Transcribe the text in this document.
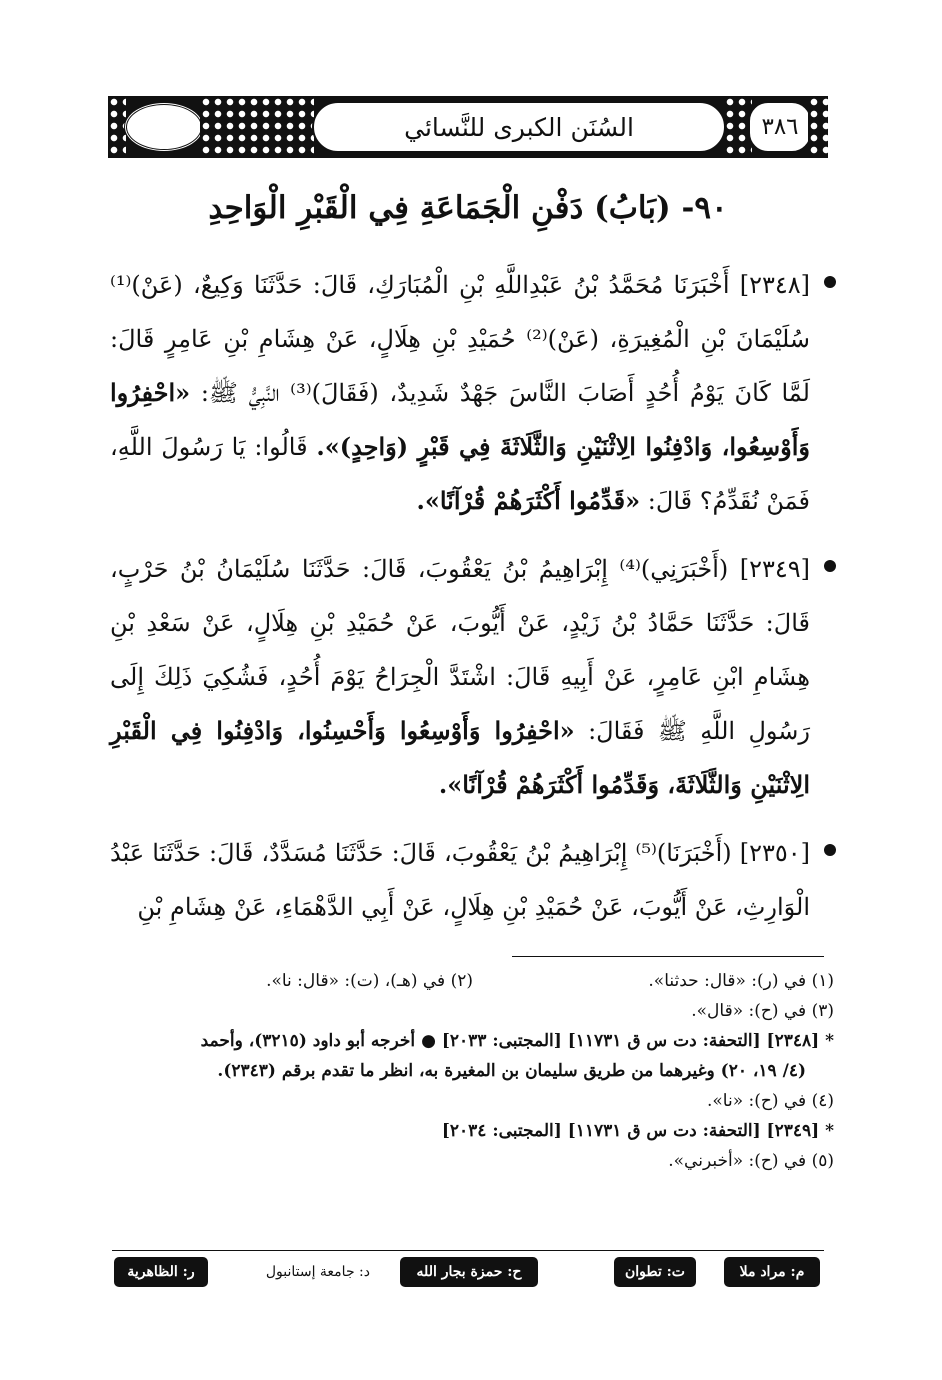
السُنَن الكبرى للنَّسائي	٣٨٦
٩٠- (بَابُ) دَفْنِ الْجَمَاعَةِ فِي الْقَبْرِ الْوَاحِدِ

[٢٣٤٨] أَخْبَرَنَا مُحَمَّدُ بْنُ عَبْدِاللَّهِ بْنِ الْمُبَارَكِ، قَالَ: حَدَّثَنَا وَكِيعٌ، (عَنْ)⁽¹⁾ سُلَيْمَانَ بْنِ الْمُغِيرَةِ، (عَنْ)⁽²⁾ حُمَيْدِ بْنِ هِلَالٍ، عَنْ هِشَامِ بْنِ عَامِرٍ قَالَ: لَمَّا كَانَ يَوْمُ أُحُدٍ أَصَابَ النَّاسَ جَهْدٌ شَدِيدٌ، (فَقَالَ)⁽³⁾ النَّبِيُّ ﷺ: «احْفِرُوا وَأَوْسِعُوا، وَادْفِنُوا الِاثْنَيْنِ وَالثَّلَاثَةَ فِي قَبْرٍ (وَاحِدٍ)». قَالُوا: يَا رَسُولَ اللَّهِ، فَمَنْ نُقَدِّمُ؟ قَالَ: «قَدِّمُوا أَكْثَرَهُمْ قُرْآنًا».

[٢٣٤٩] (أَخْبَرَنِي)⁽⁴⁾ إِبْرَاهِيمُ بْنُ يَعْقُوبَ، قَالَ: حَدَّثَنَا سُلَيْمَانُ بْنُ حَرْبٍ، قَالَ: حَدَّثَنَا حَمَّادُ بْنُ زَيْدٍ، عَنْ أَيُّوبَ، عَنْ حُمَيْدِ بْنِ هِلَالٍ، عَنْ سَعْدِ بْنِ هِشَامِ ابْنِ عَامِرٍ، عَنْ أَبِيهِ قَالَ: اشْتَدَّ الْجِرَاحُ يَوْمَ أُحُدٍ، فَشُكِيَ ذَلِكَ إِلَى رَسُولِ اللَّهِ ﷺ فَقَالَ: «احْفِرُوا وَأَوْسِعُوا وَأَحْسِنُوا، وَادْفِنُوا فِي الْقَبْرِ الِاثْنَيْنِ وَالثَّلَاثَةَ، وَقَدِّمُوا أَكْثَرَهُمْ قُرْآنًا».

[٢٣٥٠] (أَخْبَرَنَا)⁽⁵⁾ إِبْرَاهِيمُ بْنُ يَعْقُوبَ، قَالَ: حَدَّثَنَا مُسَدَّدٌ، قَالَ: حَدَّثَنَا عَبْدُ الْوَارِثِ، عَنْ أَيُّوبَ، عَنْ حُمَيْدِ بْنِ هِلَالٍ، عَنْ أَبِي الدَّهْمَاءِ، عَنْ هِشَامِ بْنِ

(١) في (ر): «قال: حدثنا».
(٢) في (هـ)، (ت): «قال: نا».
(٣) في (ح): «قال».
* [٢٣٤٨] [التحفة: دت س ق ١١٧٣١] [المجتبى: ٢٠٣٣] ● أخرجه أبو داود (٣٢١٥)، وأحمد
(٤/ ١٩، ٢٠) وغيرهما من طريق سليمان بن المغيرة به، انظر ما تقدم برقم (٢٣٤٣).
(٤) في (ح): «نا».
* [٢٣٤٩] [التحفة: دت س ق ١١٧٣١] [المجتبى: ٢٠٣٤]
(٥) في (ح): «أخبرني».
م: مراد ملا
ت: تطوان
ح: حمزة بجار الله
د: جامعة إستانبول
ر: الظاهرية
